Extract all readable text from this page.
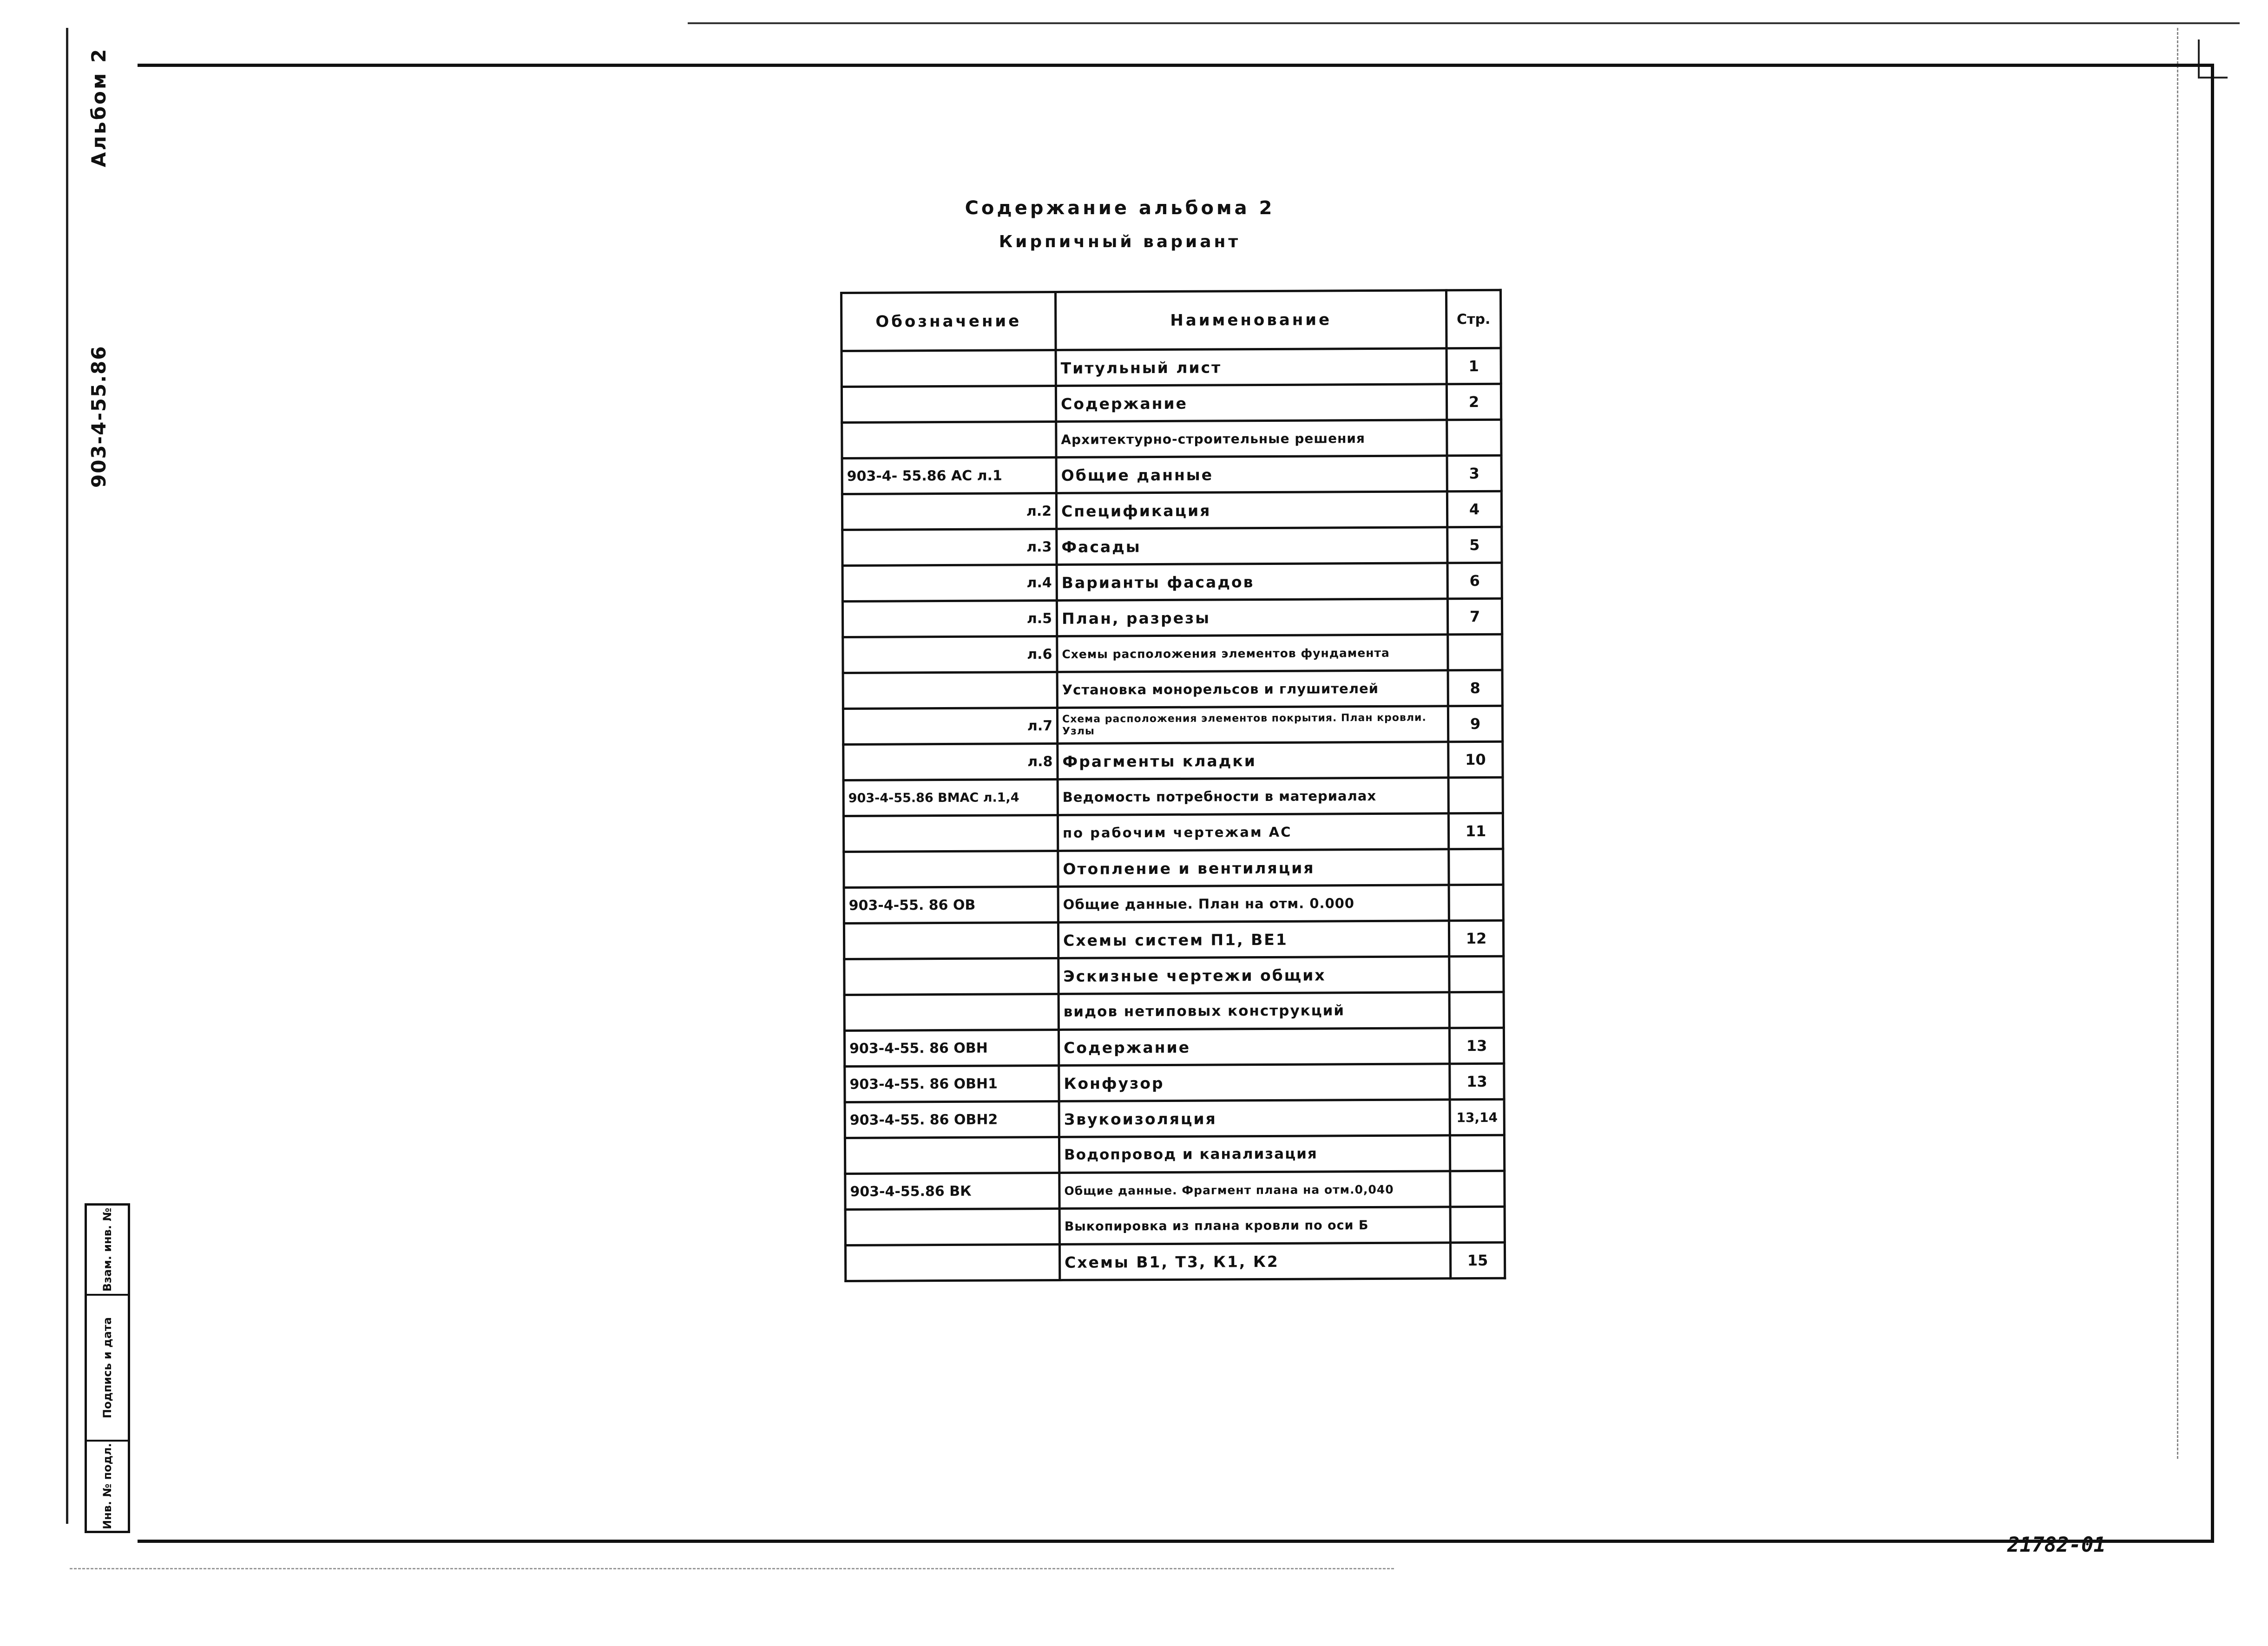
Альбом 2
903-4-55.86
Взам. инв. №
Подпись и дата
Инв. № подл.
Содержание альбома 2
Кирпичный вариант
Обозначение	Наименование	Стр.
	Титульный лист	1
	Содержание	2
	Архитектурно-строительные решения	
903-4- 55.86 АС л.1	Общие данные	3
л.2	Спецификация	4
л.3	Фасады	5
л.4	Варианты фасадов	6
л.5	План, разрезы	7
л.6	Схемы расположения элементов фундамента	
	Установка монорельсов и глушителей	8
л.7	Схема расположения элементов покрытия. План кровли. Узлы	9
л.8	Фрагменты кладки	10
903-4-55.86 ВМАС л.1,4	Ведомость потребности в материалах	
	по рабочим чертежам АС	11
	Отопление и вентиляция	
903-4-55. 86 ОВ	Общие данные. План на отм. 0.000	
	Схемы систем П1, ВЕ1	12
	Эскизные чертежи общих	
	видов нетиповых конструкций	
903-4-55. 86 ОВН	Содержание	13
903-4-55. 86 ОВН1	Конфузор	13
903-4-55. 86 ОВН2	Звукоизоляция	13,14
	Водопровод и канализация	
903-4-55.86 ВК	Общие данные. Фрагмент плана на отм.0,040	
	Выкопировка из плана кровли по оси Б	
	Схемы В1, Т3, К1, К2	15
21782-01
